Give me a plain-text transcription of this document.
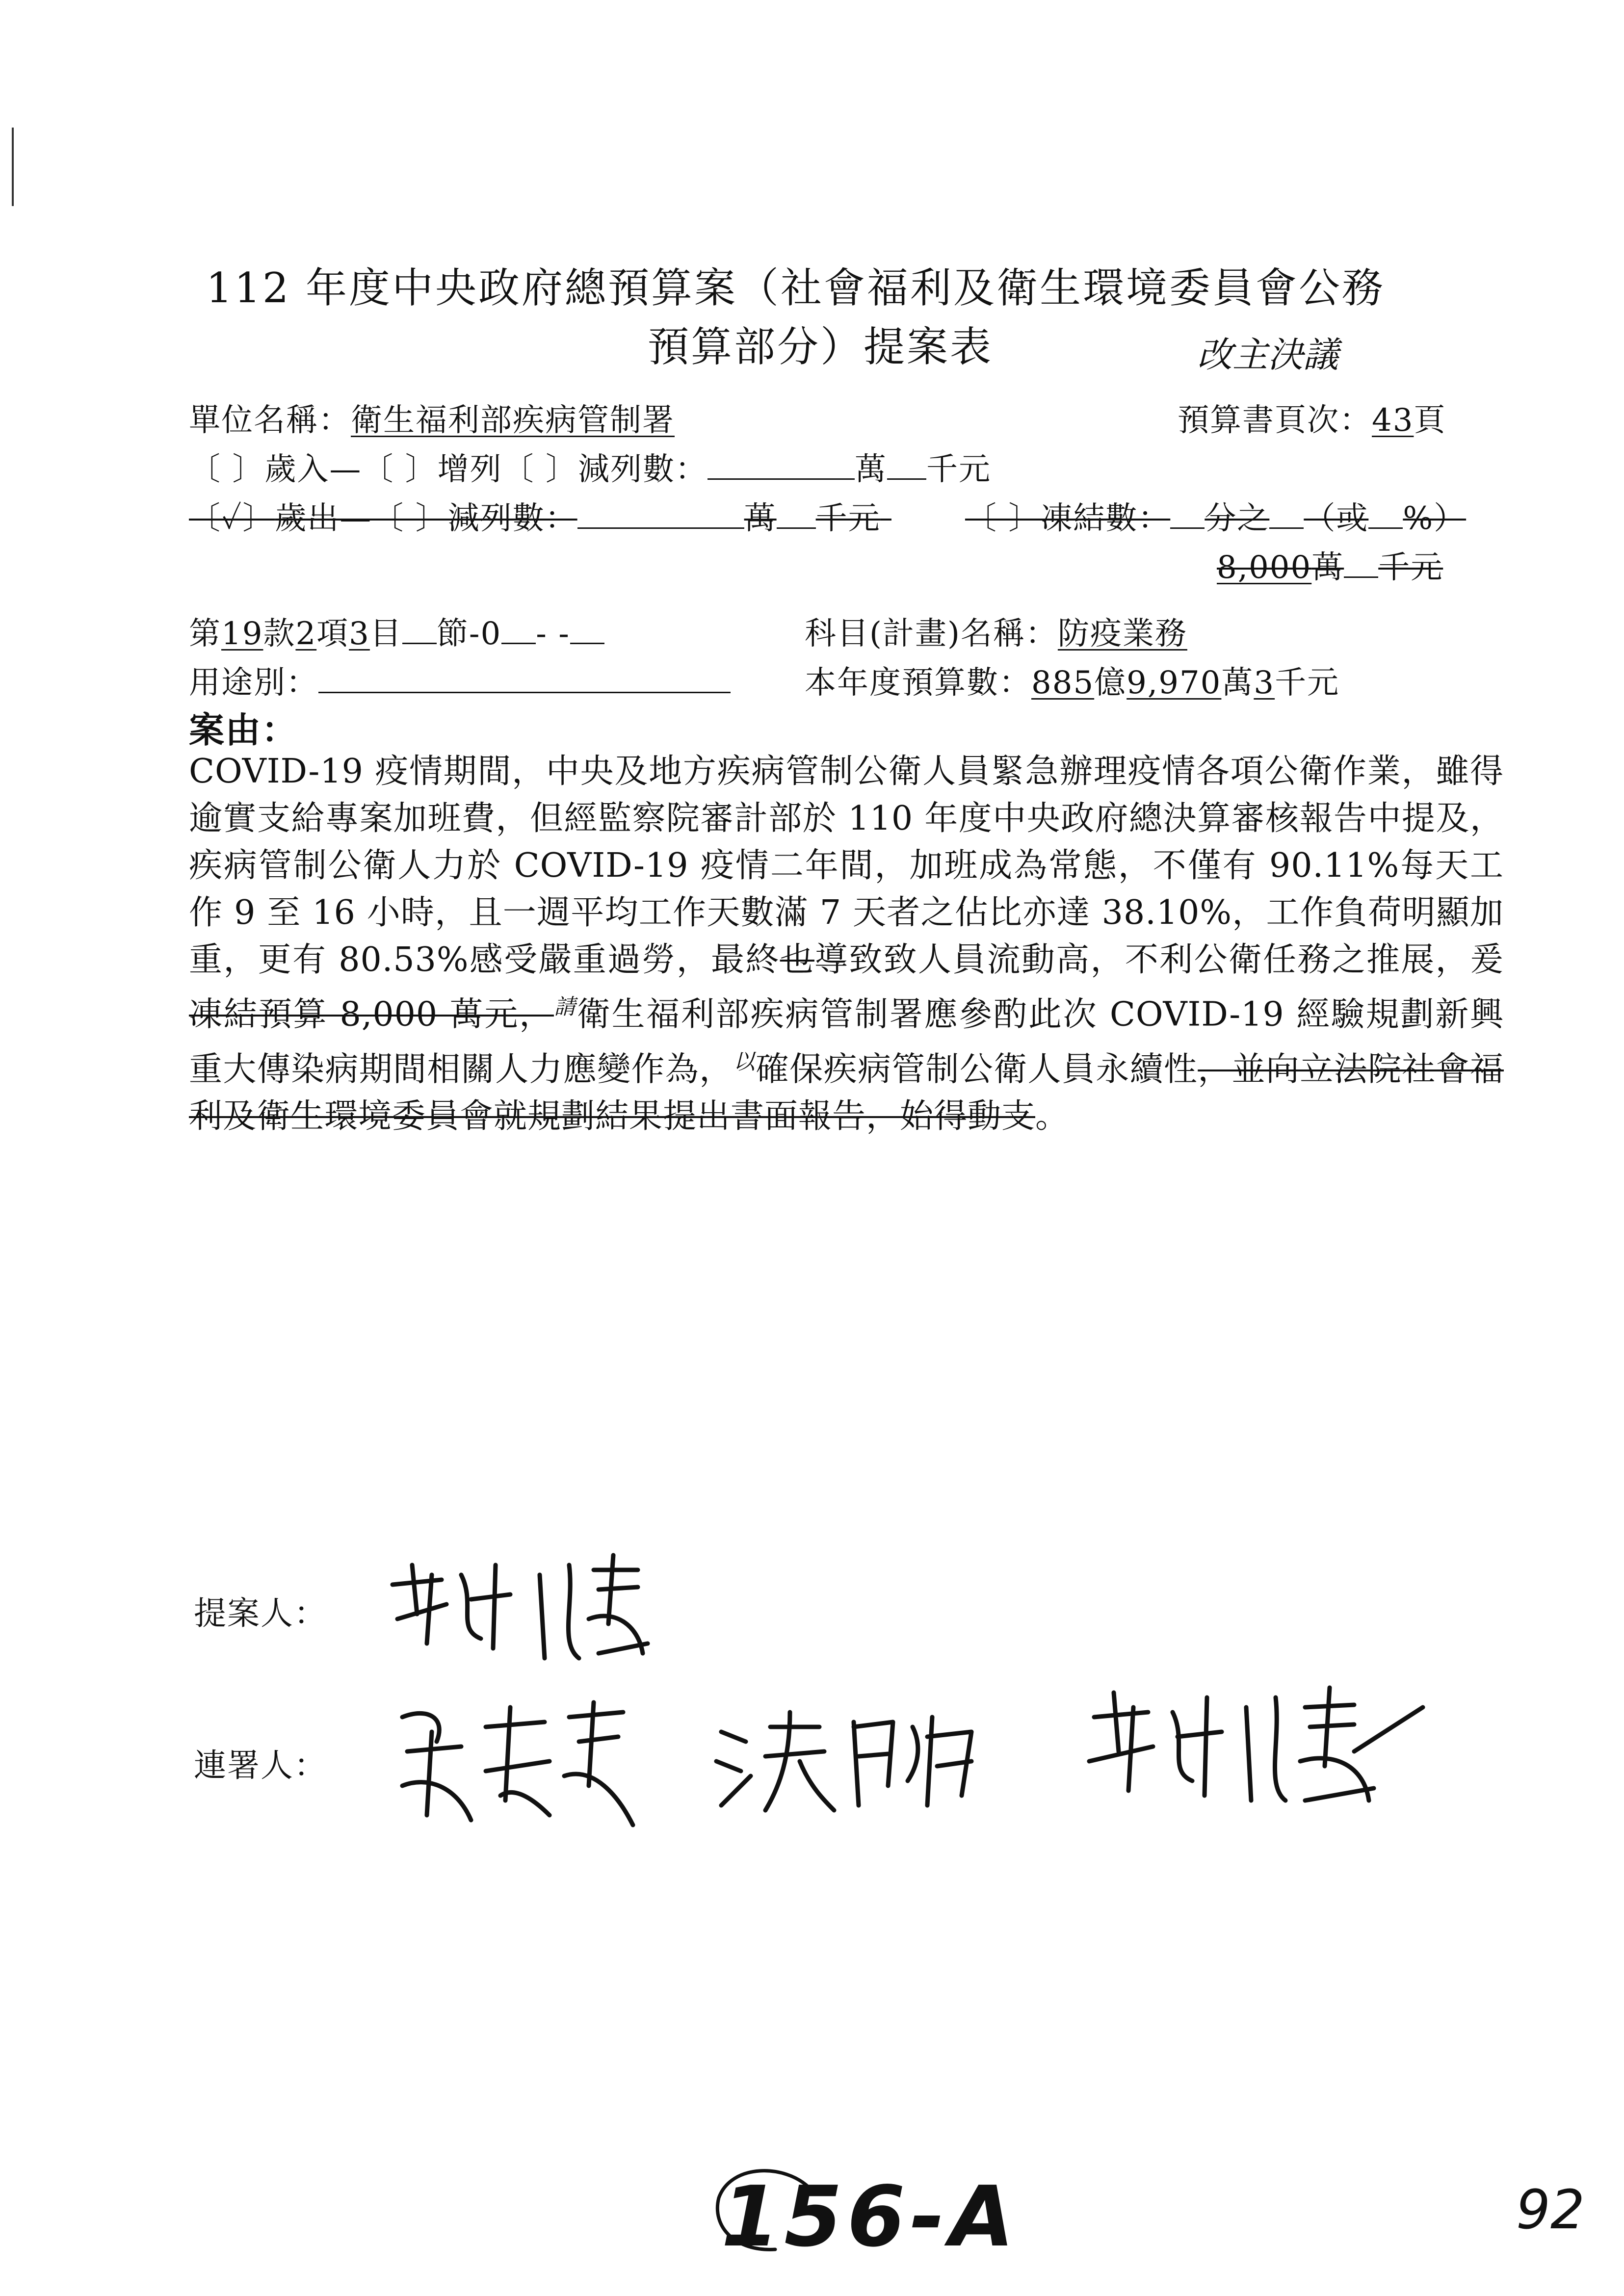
112 年度中央政府總預算案（社會福利及衛生環境委員會公務
預算部分）提案表	改主決議
單位名稱：衛生福利部疾病管制署	預算書頁次：43頁
〔 〕歲入—〔 〕增列〔 〕減列數：	萬 千元
〔✓〕歲出—〔 〕減列數：	萬 千元	〔 〕凍結數： 分之 （或 %）
8,000萬 千元
第19款2項3目 節-0 - -	科目(計畫)名稱：防疫業務
用途別：	本年度預算數：885億9,970萬3千元
案由：
COVID-19 疫情期間，中央及地方疾病管制公衛人員緊急辦理疫情各項公衛作業，雖得逾實支給專案加班費，但經監察院審計部於 110 年度中央政府總決算審核報告中提及，疾病管制公衛人力於 COVID-19 疫情二年間，加班成為常態，不僅有 90.11%每天工作 9 至 16 小時，且一週平均工作天數滿 7 天者之佔比亦達 38.10%，工作負荷明顯加重，更有 80.53%感受嚴重過勞，最終也導致致人員流動高，不利公衛任務之推展，爰凍結預算 8,000 萬元，$^請$衛生福利部疾病管制署應參酌此次 COVID-19 經驗規劃新興重大傳染病期間相關人力應變作為，$^以$確保疾病管制公衛人員永續性，並向立法院社會福利及衛生環境委員會就規劃結果提出書面報告，始得動支。
提案人：
連署人：
156-A	92
